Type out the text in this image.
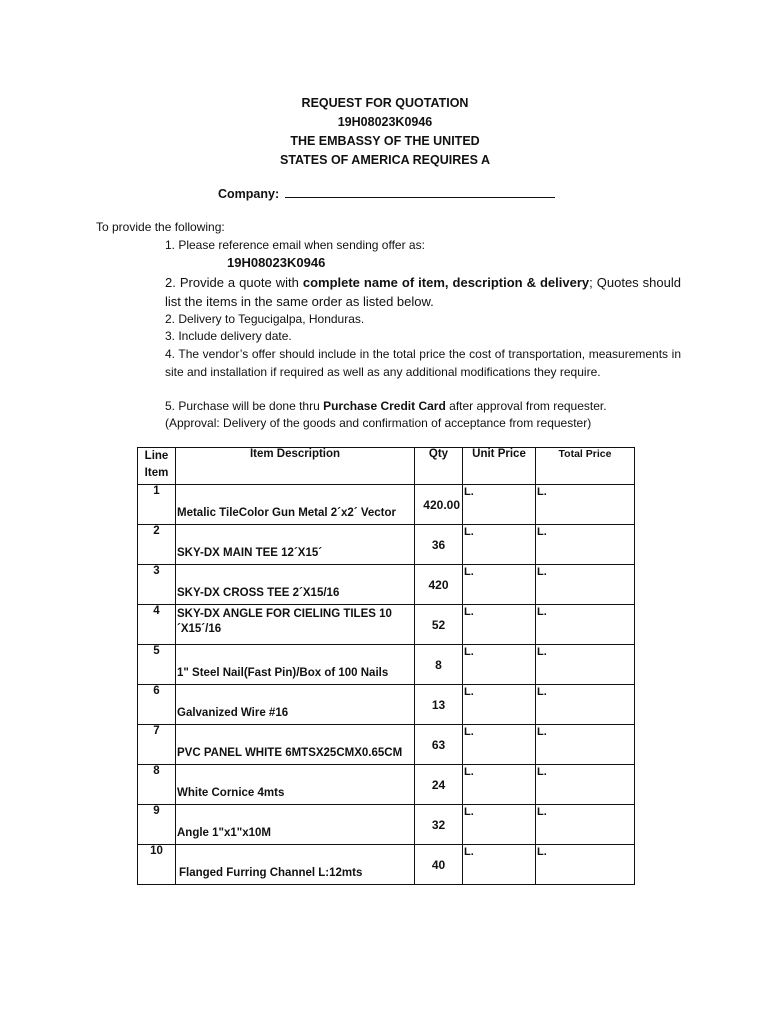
REQUEST FOR QUOTATION
19H08023K0946
THE EMBASSY OF THE UNITED
STATES OF AMERICA REQUIRES A
Company:
To provide the following:
1. Please reference email when sending offer as:
19H08023K0946
2. Provide a quote with complete name of item, description & delivery; Quotes should list the items in the same order as listed below.
2. Delivery to Tegucigalpa, Honduras.
3. Include delivery date.
4. The vendor’s offer should include in the total price the cost of transportation, measurements in site and installation if required as well as any additional modifications they require.
5. Purchase will be done thru Purchase Credit Card after approval from requester.
(Approval: Delivery of the goods and confirmation of acceptance from requester)
Line
Item	Item Description	Qty	Unit Price	Total Price
1	Metalic TileColor Gun Metal 2´x2´ Vector	420.00	L.	L.
2	SKY-DX MAIN TEE 12´X15´	36	L.	L.
3	SKY-DX CROSS TEE 2´X15/16	420	L.	L.
4	SKY-DX ANGLE FOR CIELING TILES 10´X15´/16	52	L.	L.
5	1" Steel Nail(Fast Pin)/Box of 100 Nails	8	L.	L.
6	Galvanized Wire #16	13	L.	L.
7	PVC PANEL WHITE 6MTSX25CMX0.65CM	63	L.	L.
8	White Cornice 4mts	24	L.	L.
9	Angle 1"x1"x10M	32	L.	L.
10	Flanged Furring Channel L:12mts	40	L.	L.
